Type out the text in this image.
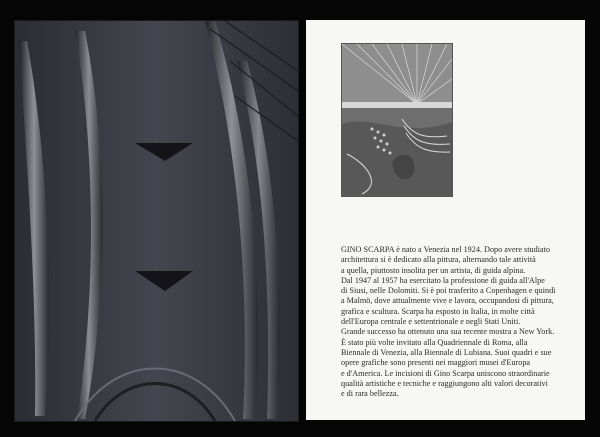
GINO SCARPA è nato a Venezia nel 1924. Dopo avere studiato

architettura si è dedicato alla pittura, alternando tale attività

a quella, piuttosto insolita per un artista, di guida alpina.

Dal 1947 al 1957 ha esercitato la professione di guida all'Alpe

di Siusi, nelle Dolomiti. Si è poi trasferito a Copenhagen e quindi

a Malmö, dove attualmente vive e lavora, occupandosi di pittura,

grafica e scultura. Scarpa ha esposto in Italia, in molte città

dell'Europa centrale e settentrionale e negli Stati Uniti.

Grande successo ha ottenuto una sua recente mostra a New York.

È stato più volte invitato alla Quadriennale di Roma, alla

Biennale di Venezia, alla Biennale di Lubiana. Suoi quadri e sue

opere grafiche sono presenti nei maggiori musei d'Europa

e d'America. Le incisioni di Gino Scarpa uniscono straordinarie

qualità artistiche e tecniche e raggiungono alti valori decorativi

e di rara bellezza.
